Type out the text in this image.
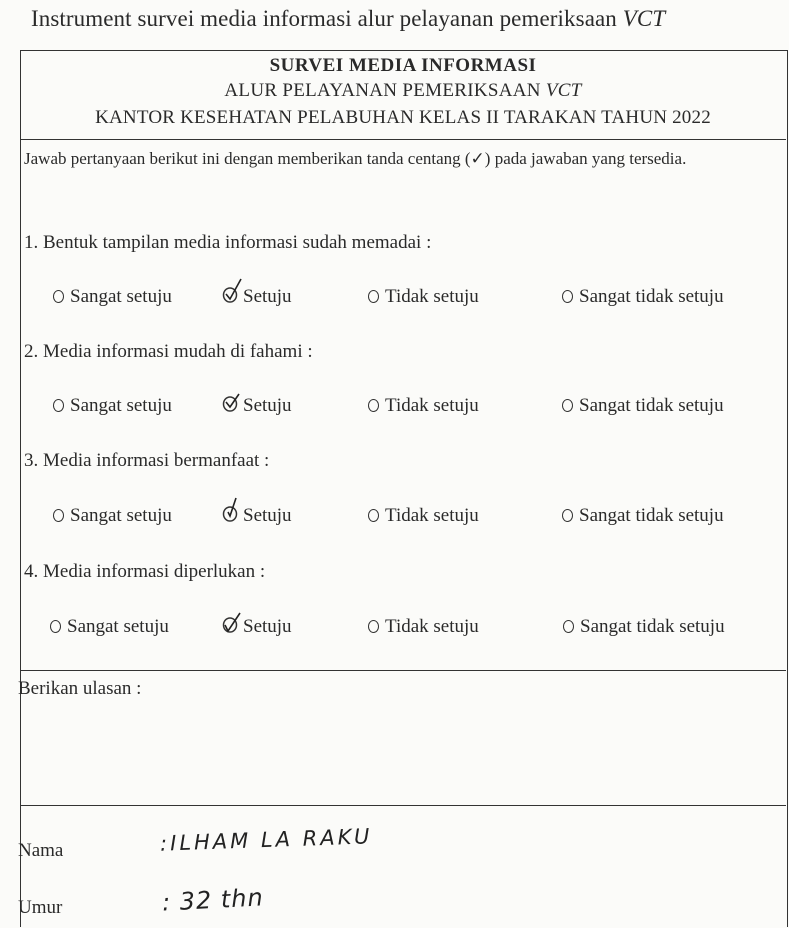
Instrument survei media informasi alur pelayanan pemeriksaan VCT
SURVEI MEDIA INFORMASI
ALUR PELAYANAN PEMERIKSAAN VCT
KANTOR KESEHATAN PELABUHAN KELAS II TARAKAN TAHUN 2022
Jawab pertanyaan berikut ini dengan memberikan tanda centang (✓) pada jawaban yang tersedia.
1. Bentuk tampilan media informasi sudah memadai :
Sangat setuju	Setuju	Tidak setuju	Sangat tidak setuju
2. Media informasi mudah di fahami :
Sangat setuju	Setuju	Tidak setuju	Sangat tidak setuju
3. Media informasi bermanfaat :
Sangat setuju	Setuju	Tidak setuju	Sangat tidak setuju
4. Media informasi diperlukan :
Sangat setuju	Setuju	Tidak setuju	Sangat tidak setuju
Berikan ulasan :
Nama	:ILHAM LA RAKU
Umur	: 32 thn
